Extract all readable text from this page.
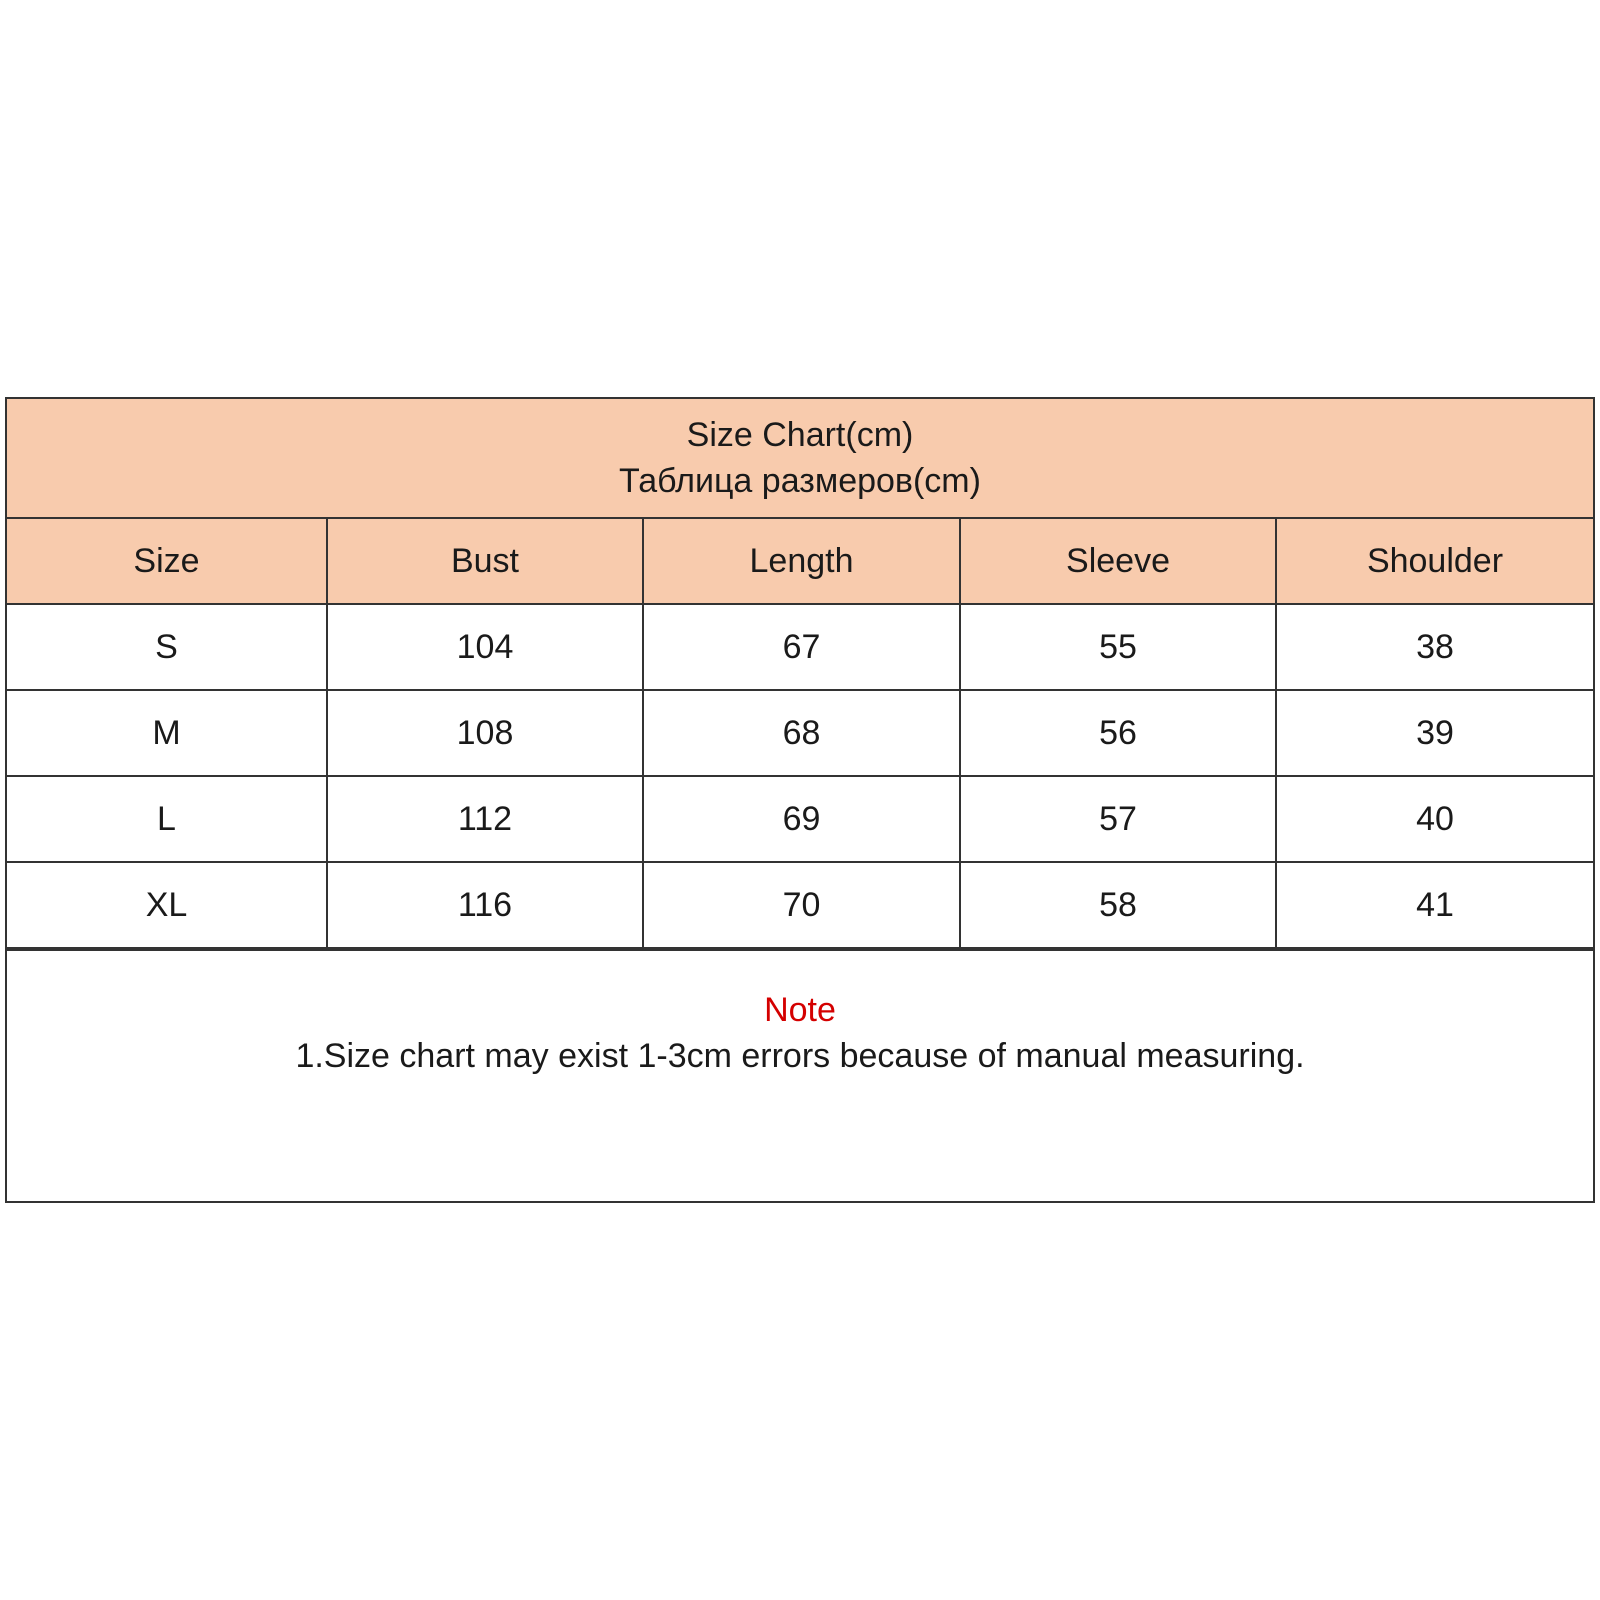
Size Chart(cm)
Таблица размеров(cm)
Size	Bust	Length	Sleeve	Shoulder
S	104	67	55	38
M	108	68	56	39
L	112	69	57	40
XL	116	70	58	41
Note
1.Size chart may exist 1-3cm errors because of manual measuring.
